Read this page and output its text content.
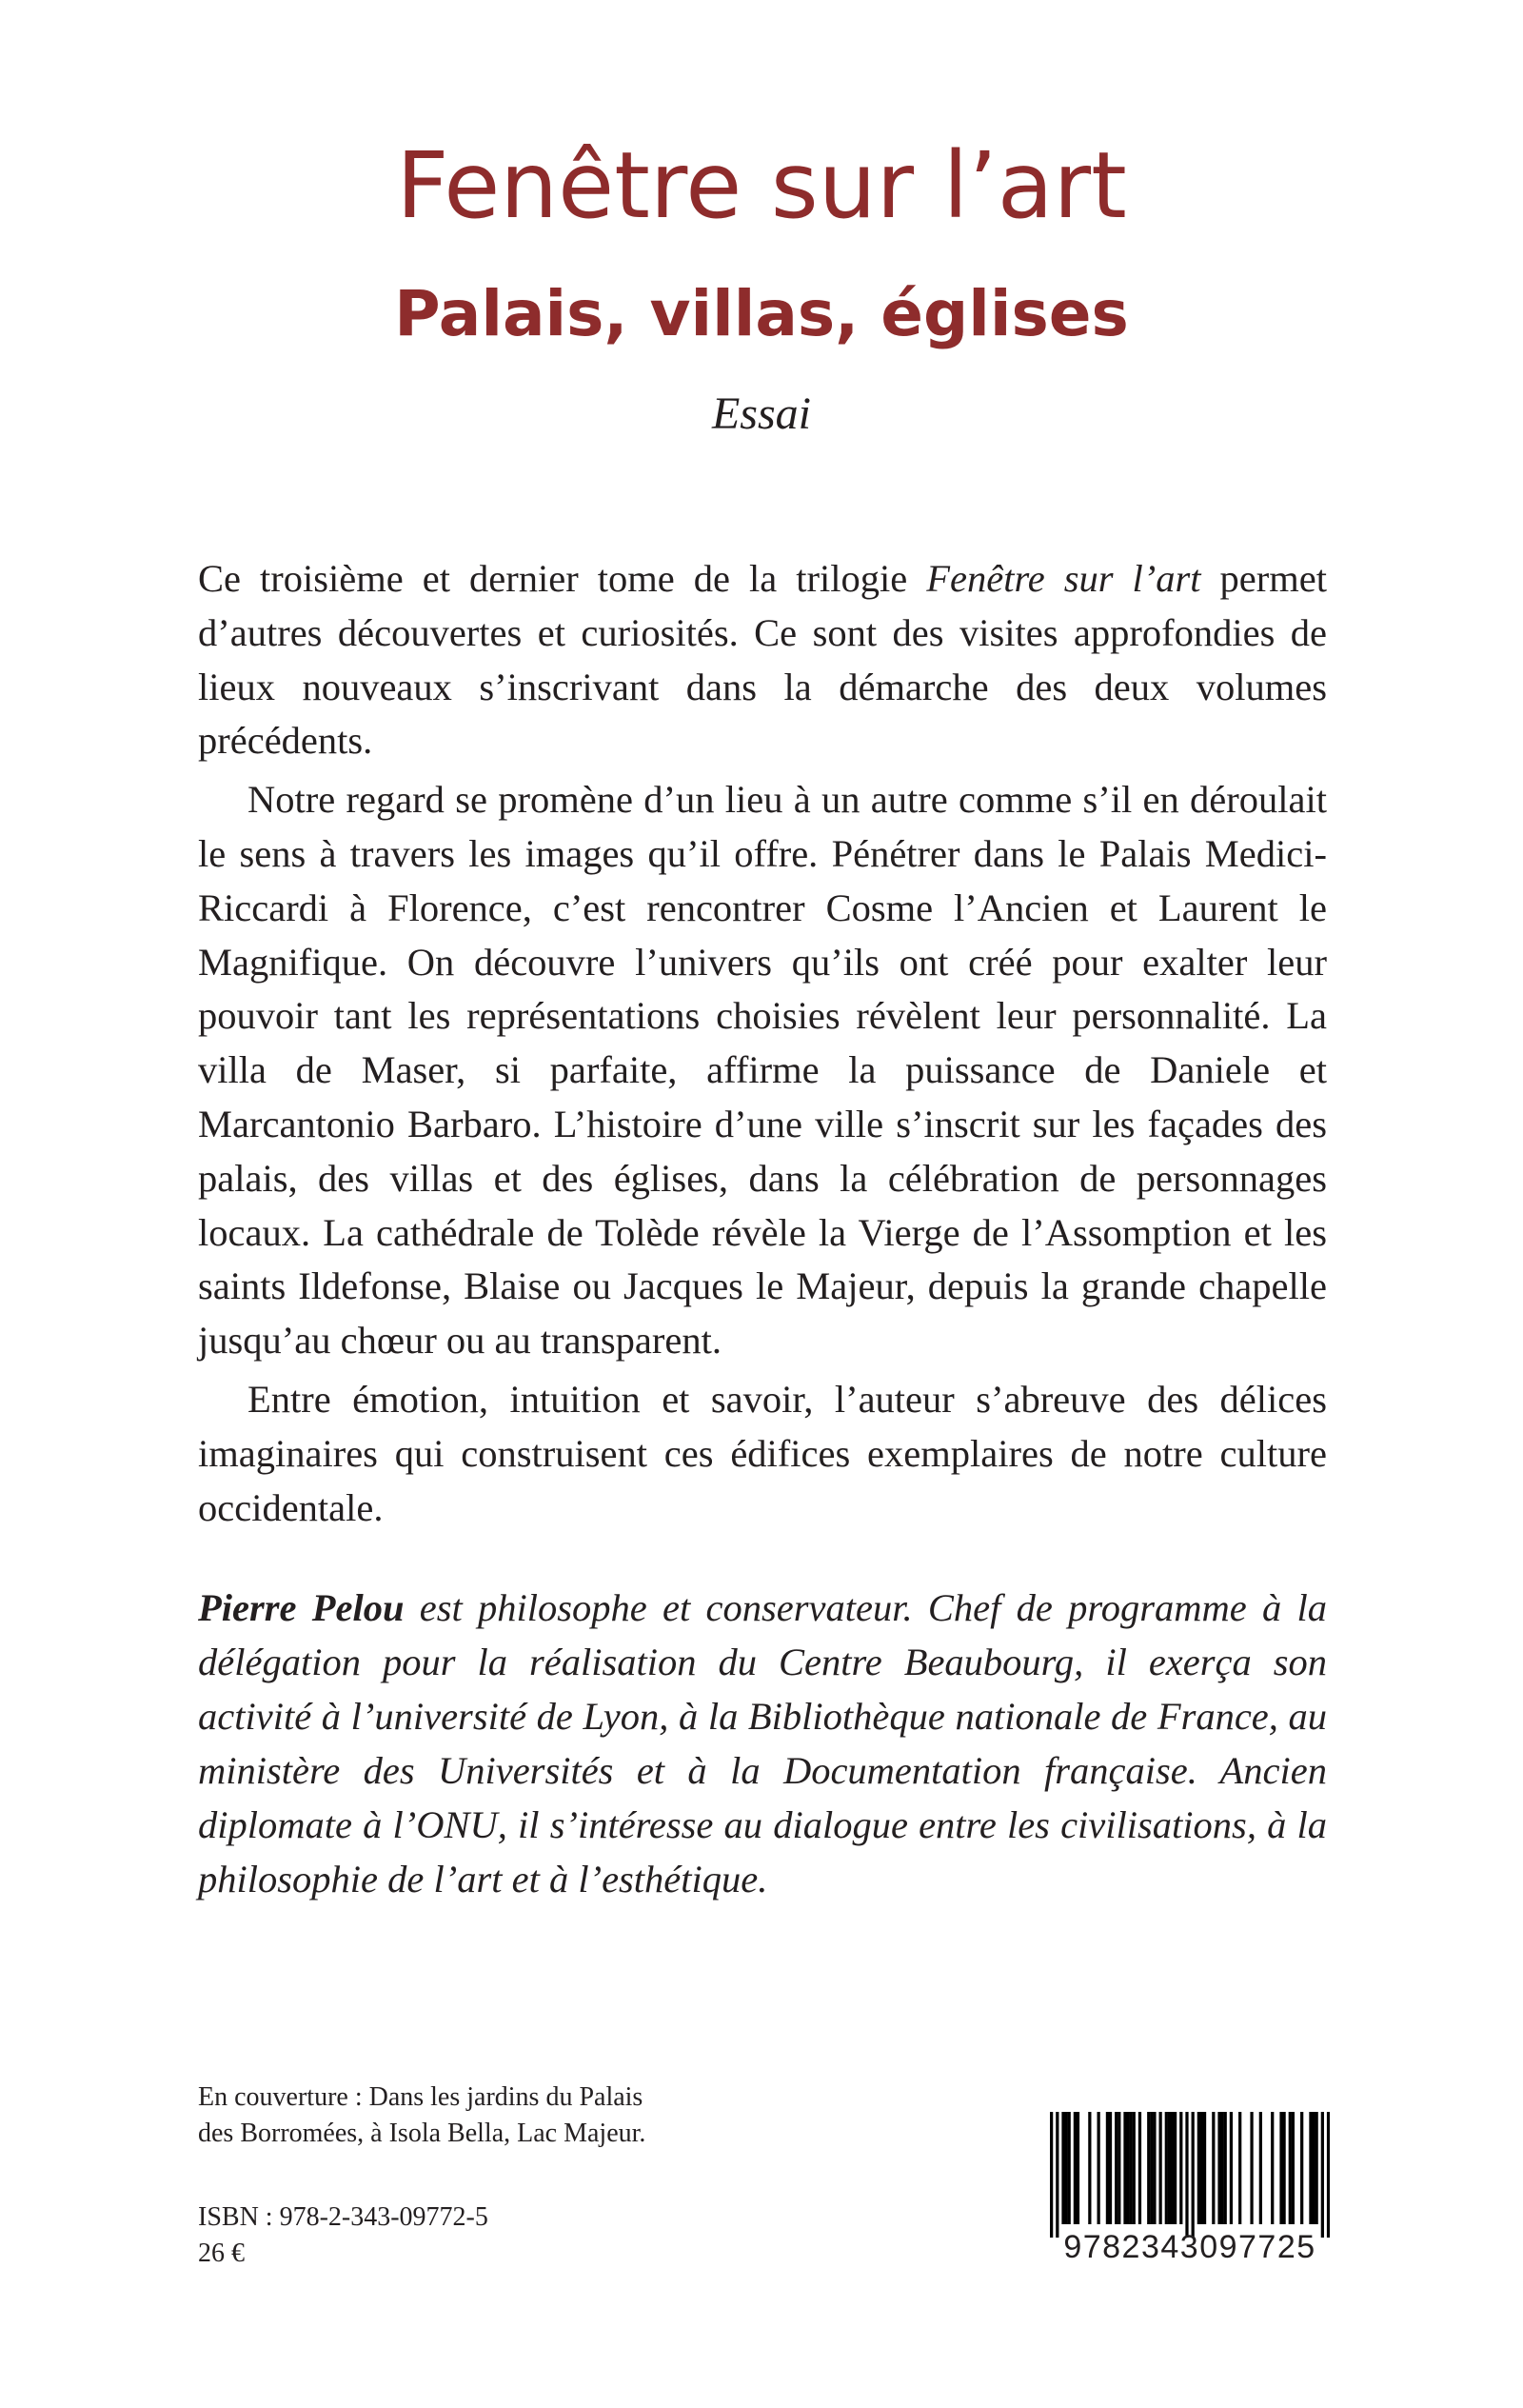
Fenêtre sur l’art
Palais, villas, églises
Essai

Ce troisième et dernier tome de la trilogie Fenêtre sur l’art permet d’autres découvertes et curiosités. Ce sont des visites approfondies de lieux nouveaux s’inscrivant dans la démarche des deux volumes précédents.

Notre regard se promène d’un lieu à un autre comme s’il en déroulait le sens à travers les images qu’il offre. Pénétrer dans le Palais Medici-Riccardi à Florence, c’est rencontrer Cosme l’Ancien et Laurent le Magnifique. On découvre l’univers qu’ils ont créé pour exalter leur pouvoir tant les représentations choisies révèlent leur personnalité. La villa de Maser, si parfaite, affirme la puissance de Daniele et Marcantonio Barbaro. L’histoire d’une ville s’inscrit sur les façades des palais, des villas et des églises, dans la célébration de personnages locaux. La cathédrale de Tolède révèle la Vierge de l’Assomption et les saints Ildefonse, Blaise ou Jacques le Majeur, depuis la grande chapelle jusqu’au chœur ou au transparent.

Entre émotion, intuition et savoir, l’auteur s’abreuve des délices imaginaires qui construisent ces édifices exemplaires de notre culture occidentale.

Pierre Pelou est philosophe et conservateur. Chef de programme à la délégation pour la réalisation du Centre Beaubourg, il exerça son activité à l’université de Lyon, à la Bibliothèque nationale de France, au ministère des Universités et à la Documentation française. Ancien diplomate à l’ONU, il s’intéresse au dialogue entre les civilisations, à la philosophie de l’art et à l’esthétique.

En couverture : Dans les jardins du Palais
des Borromées, à Isola Bella, Lac Majeur.
ISBN : 978-2-343-09772-5
26 €	9782343097725
